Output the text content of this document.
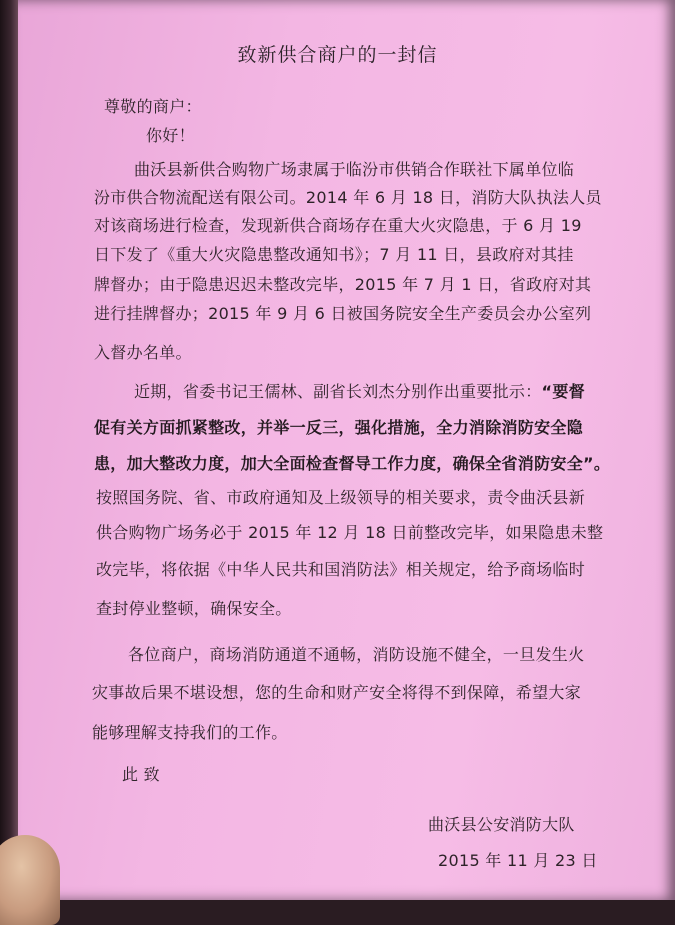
致新供合商户的一封信
尊敬的商户：
你好！
曲沃县新供合购物广场隶属于临汾市供销合作联社下属单位临
汾市供合物流配送有限公司。2014 年 6 月 18 日，消防大队执法人员
对该商场进行检查，发现新供合商场存在重大火灾隐患，于 6 月 19
日下发了《重大火灾隐患整改通知书》；7 月 11 日，县政府对其挂
牌督办；由于隐患迟迟未整改完毕，2015 年 7 月 1 日，省政府对其
进行挂牌督办；2015 年 9 月 6 日被国务院安全生产委员会办公室列
入督办名单。
近期，省委书记王儒林、副省长刘杰分别作出重要批示：“要督
促有关方面抓紧整改，并举一反三，强化措施，全力消除消防安全隐
患，加大整改力度，加大全面检查督导工作力度，确保全省消防安全”。
按照国务院、省、市政府通知及上级领导的相关要求，责令曲沃县新
供合购物广场务必于 2015 年 12 月 18 日前整改完毕，如果隐患未整
改完毕，将依据《中华人民共和国消防法》相关规定，给予商场临时
查封停业整顿，确保安全。
各位商户，商场消防通道不通畅，消防设施不健全，一旦发生火
灾事故后果不堪设想，您的生命和财产安全将得不到保障，希望大家
能够理解支持我们的工作。
此 致
曲沃县公安消防大队
2015 年 11 月 23 日
